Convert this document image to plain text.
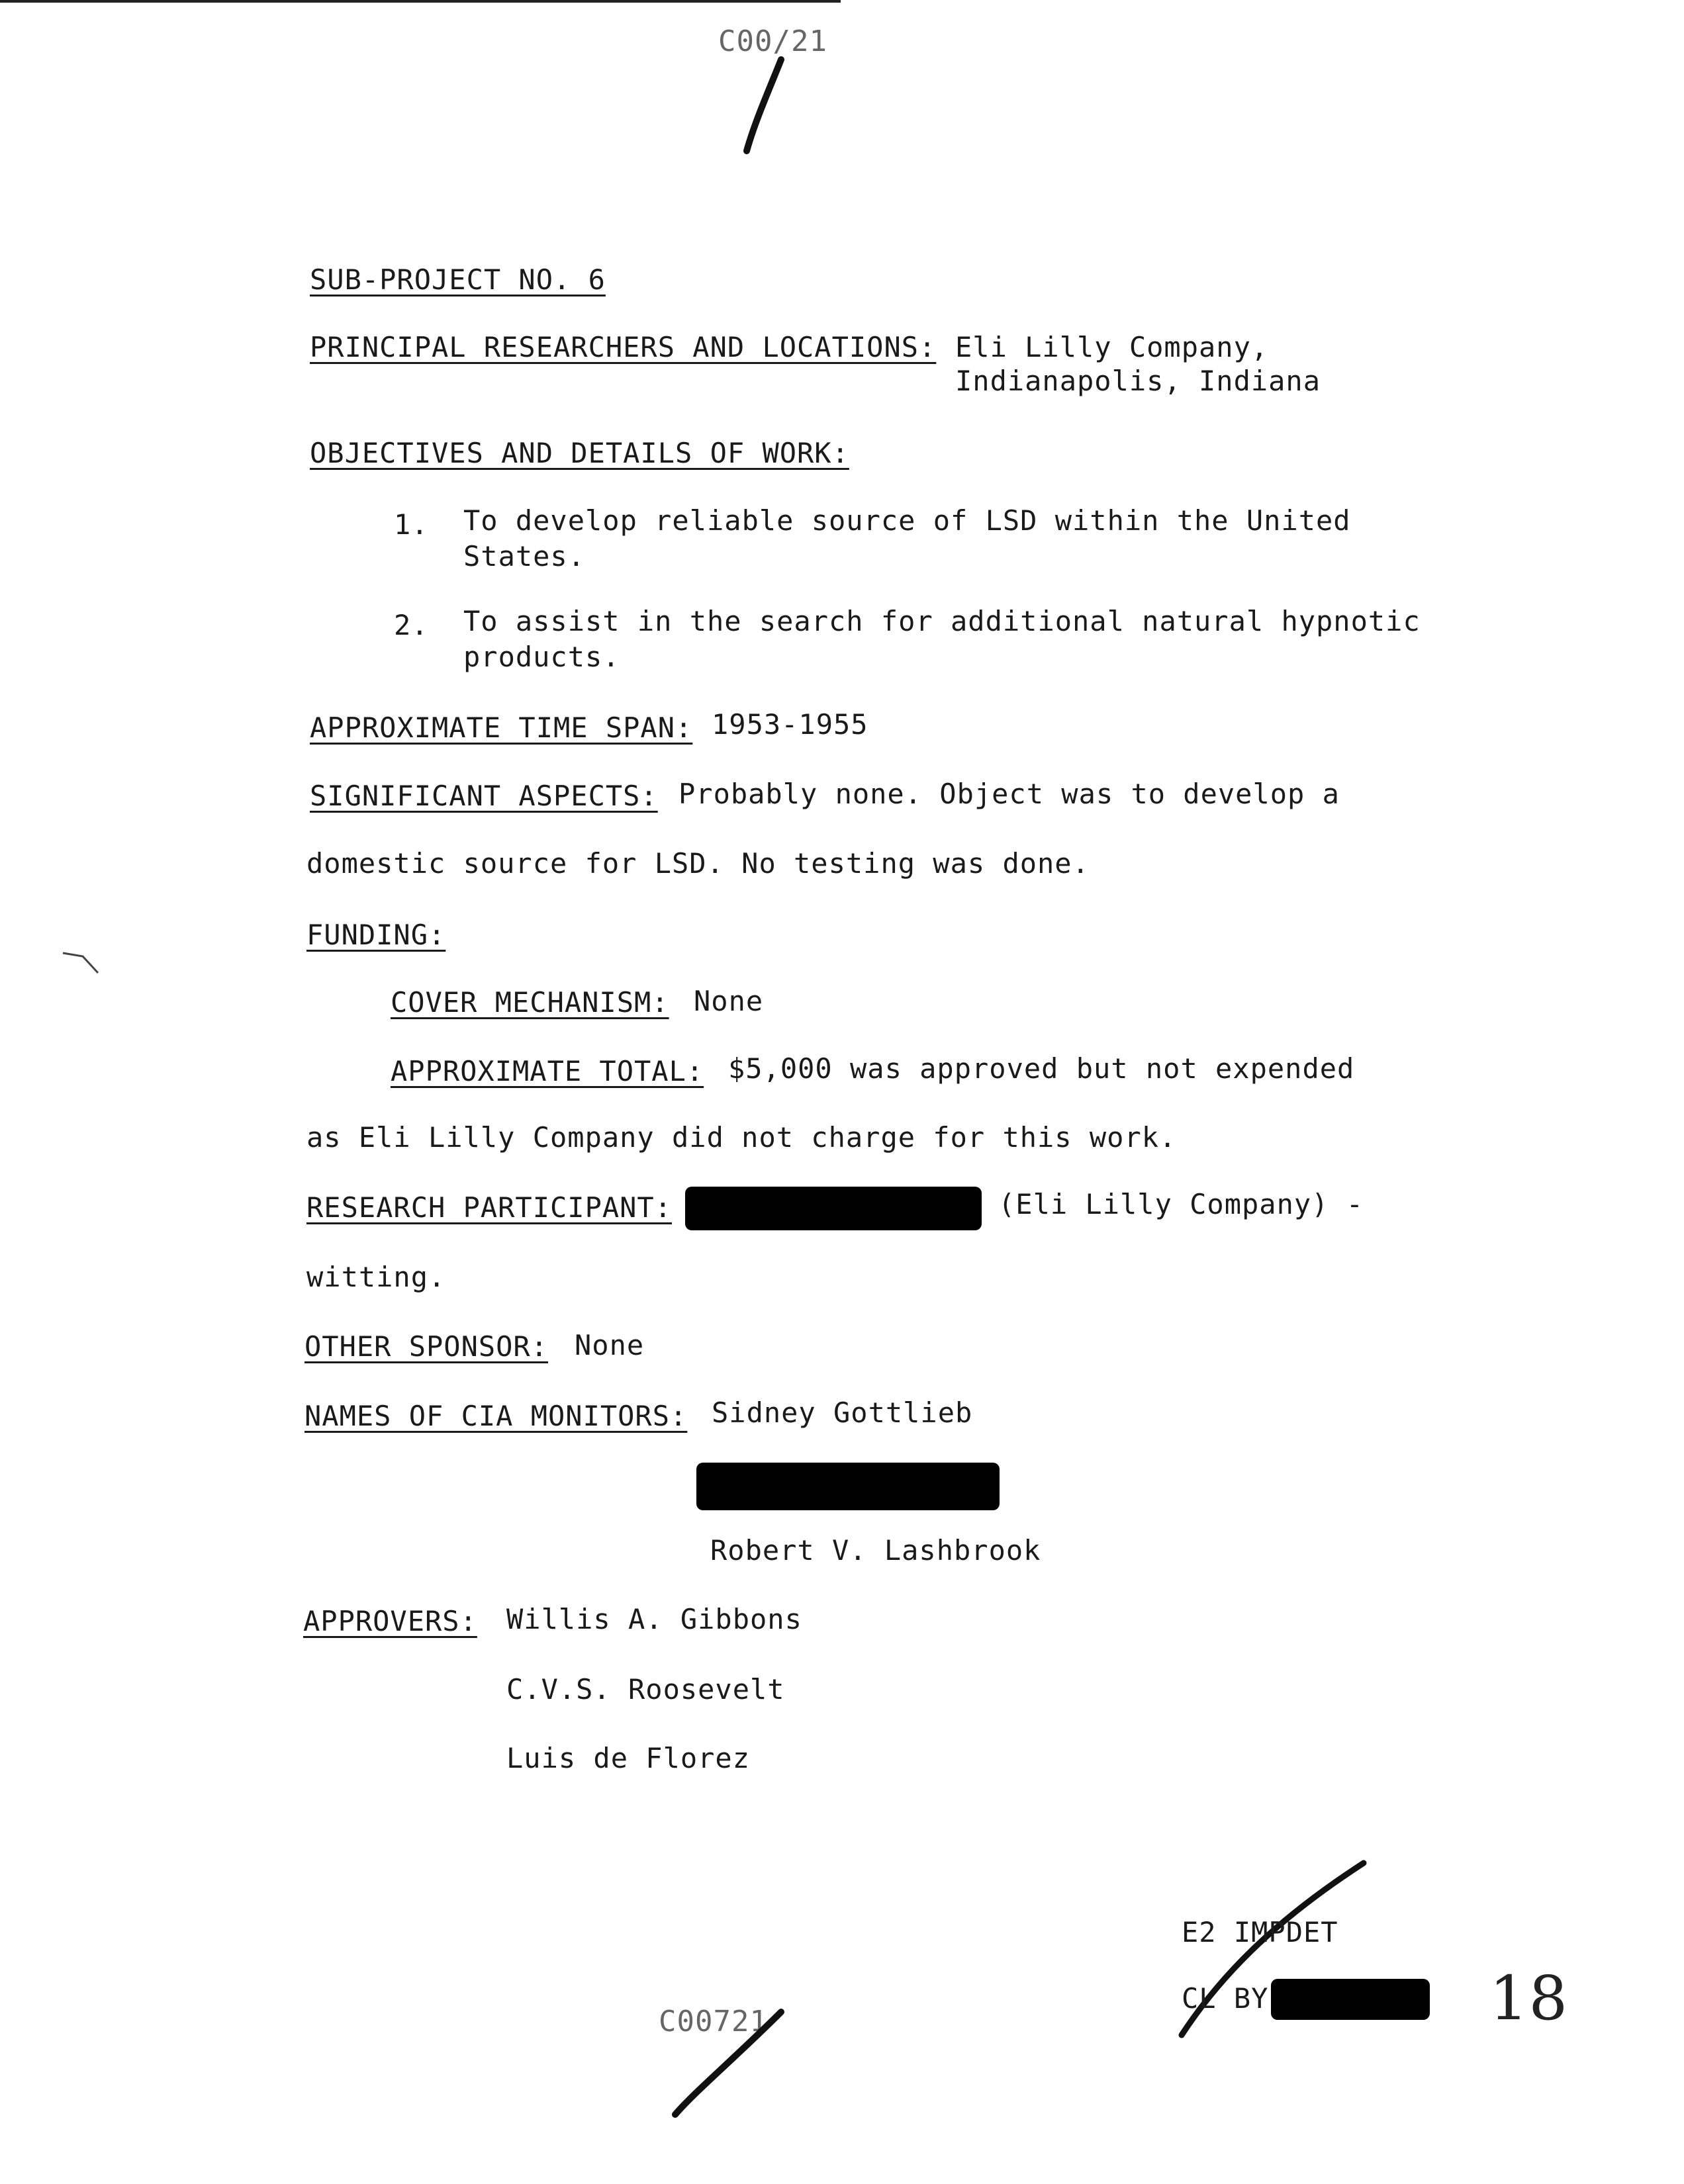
C00/21
C00721
SUB-PROJECT NO. 6
PRINCIPAL RESEARCHERS AND LOCATIONS: Eli Lilly Company,
Indianapolis, Indiana
OBJECTIVES AND DETAILS OF WORK:
1. To develop reliable source of LSD within the United
States.
2. To assist in the search for additional natural hypnotic
products.
APPROXIMATE TIME SPAN: 1953-1955
SIGNIFICANT ASPECTS: Probably none. Object was to develop a
domestic source for LSD. No testing was done.
FUNDING:
COVER MECHANISM: None
APPROXIMATE TOTAL: $5,000 was approved but not expended
as Eli Lilly Company did not charge for this work.
RESEARCH PARTICIPANT:	(Eli Lilly Company) -
witting.
OTHER SPONSOR: None
NAMES OF CIA MONITORS: Sidney Gottlieb
Robert V. Lashbrook
APPROVERS: Willis A. Gibbons
C.V.S. Roosevelt
Luis de Florez
E2 IMPDET
CL BY	18
